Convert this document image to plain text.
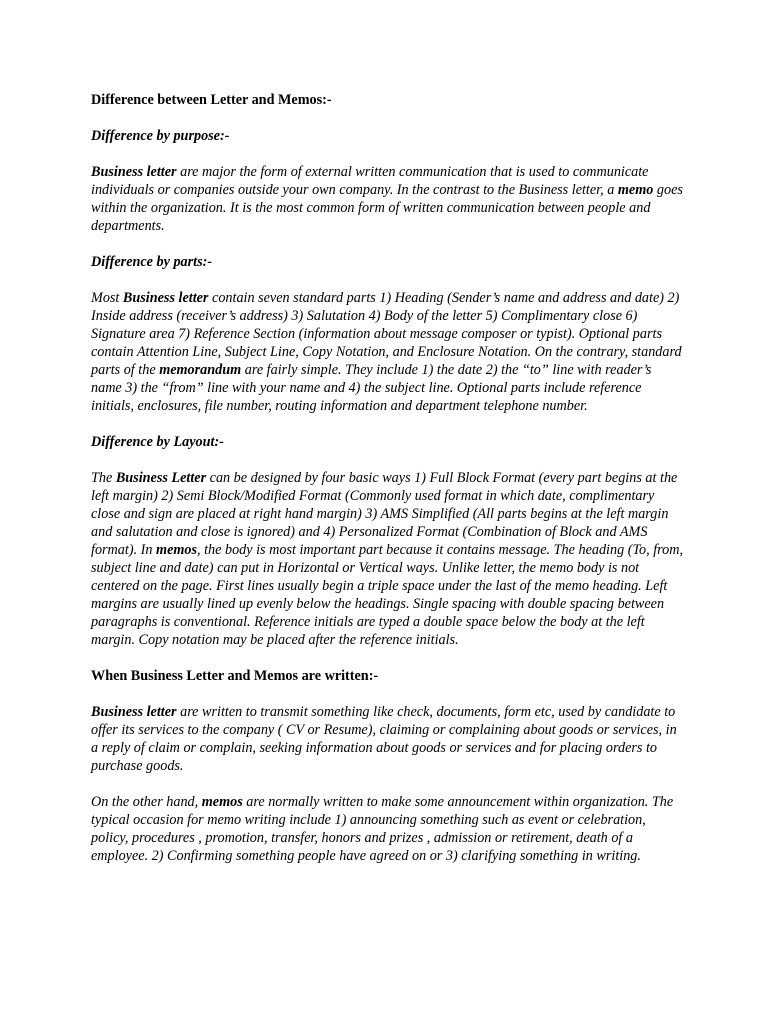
Difference between Letter and Memos:-
Difference by purpose:-
Business letter are major the form of external written communication that is used to communicate individuals or companies outside your own company. In the contrast to the Business letter, a memo goes within the organization. It is the most common form of written communication between people and departments.
Difference by parts:-
Most Business letter contain seven standard parts 1) Heading (Sender’s name and address and date) 2) Inside address (receiver’s address) 3) Salutation 4) Body of the letter 5) Complimentary close 6) Signature area 7) Reference Section (information about message composer or typist). Optional parts contain Attention Line, Subject Line, Copy Notation, and Enclosure Notation. On the contrary, standard parts of the memorandum are fairly simple. They include 1) the date 2) the “to” line with reader’s name 3) the “from” line with your name and 4) the subject line. Optional parts include reference initials, enclosures, file number, routing information and department telephone number.
Difference by Layout:-
The Business Letter can be designed by four basic ways 1) Full Block Format (every part begins at the left margin) 2) Semi Block/Modified Format (Commonly used format in which date, complimentary close and sign are placed at right hand margin) 3) AMS Simplified (All parts begins at the left margin and salutation and close is ignored) and 4) Personalized Format (Combination of Block and AMS format). In memos, the body is most important part because it contains message. The heading (To, from, subject line and date) can put in Horizontal or Vertical ways. Unlike letter, the memo body is not centered on the page. First lines usually begin a triple space under the last of the memo heading. Left margins are usually lined up evenly below the headings. Single spacing with double spacing between paragraphs is conventional. Reference initials are typed a double space below the body at the left margin. Copy notation may be placed after the reference initials.
When Business Letter and Memos are written:-
Business letter are written to transmit something like check, documents, form etc, used by candidate to offer its services to the company ( CV or Resume), claiming or complaining about goods or services, in a reply of claim or complain, seeking information about goods or services and for placing orders to purchase goods.
On the other hand, memos are normally written to make some announcement within organization. The typical occasion for memo writing include 1) announcing something such as event or celebration, policy, procedures , promotion, transfer, honors and prizes , admission or retirement, death of a employee. 2) Confirming something people have agreed on or 3) clarifying something in writing.
